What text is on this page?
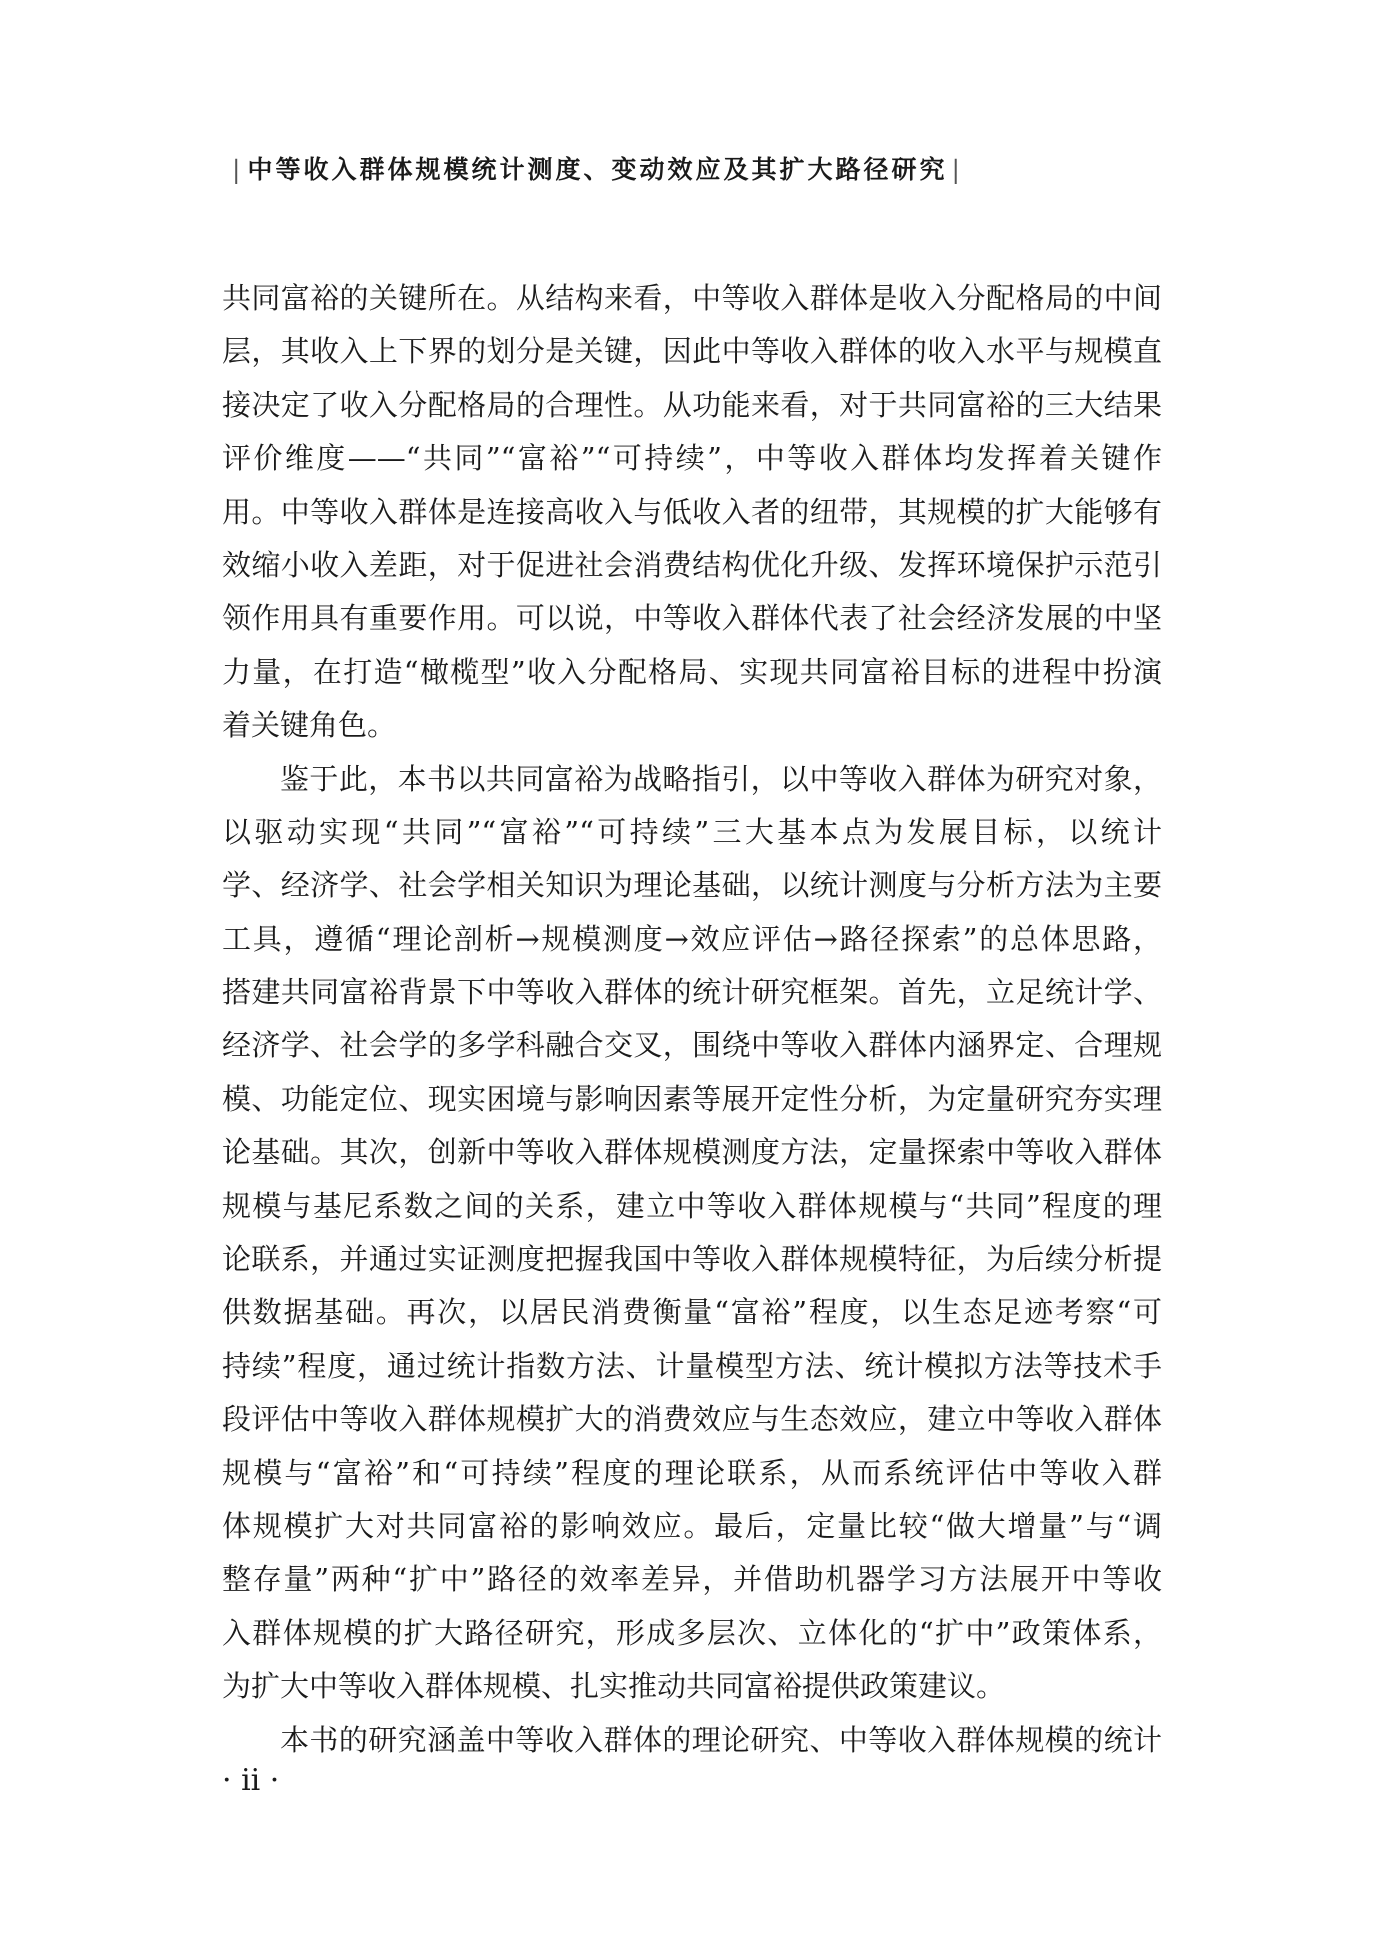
| 中等收入群体规模统计测度、变动效应及其扩大路径研究 |
共同富裕的关键所在。从结构来看，中等收入群体是收入分配格局的中间
层，其收入上下界的划分是关键，因此中等收入群体的收入水平与规模直
接决定了收入分配格局的合理性。从功能来看，对于共同富裕的三大结果
评价维度——“共同”“富裕”“可持续”，中等收入群体均发挥着关键作
用。中等收入群体是连接高收入与低收入者的纽带，其规模的扩大能够有
效缩小收入差距，对于促进社会消费结构优化升级、发挥环境保护示范引
领作用具有重要作用。可以说，中等收入群体代表了社会经济发展的中坚
力量，在打造“橄榄型”收入分配格局、实现共同富裕目标的进程中扮演
着关键角色。
鉴于此，本书以共同富裕为战略指引，以中等收入群体为研究对象，
以驱动实现“共同”“富裕”“可持续”三大基本点为发展目标，以统计
学、经济学、社会学相关知识为理论基础，以统计测度与分析方法为主要
工具，遵循“理论剖析→规模测度→效应评估→路径探索”的总体思路，
搭建共同富裕背景下中等收入群体的统计研究框架。首先，立足统计学、
经济学、社会学的多学科融合交叉，围绕中等收入群体内涵界定、合理规
模、功能定位、现实困境与影响因素等展开定性分析，为定量研究夯实理
论基础。其次，创新中等收入群体规模测度方法，定量探索中等收入群体
规模与基尼系数之间的关系，建立中等收入群体规模与“共同”程度的理
论联系，并通过实证测度把握我国中等收入群体规模特征，为后续分析提
供数据基础。再次，以居民消费衡量“富裕”程度，以生态足迹考察“可
持续”程度，通过统计指数方法、计量模型方法、统计模拟方法等技术手
段评估中等收入群体规模扩大的消费效应与生态效应，建立中等收入群体
规模与“富裕”和“可持续”程度的理论联系，从而系统评估中等收入群
体规模扩大对共同富裕的影响效应。最后，定量比较“做大增量”与“调
整存量”两种“扩中”路径的效率差异，并借助机器学习方法展开中等收
入群体规模的扩大路径研究，形成多层次、立体化的“扩中”政策体系，
为扩大中等收入群体规模、扎实推动共同富裕提供政策建议。
本书的研究涵盖中等收入群体的理论研究、中等收入群体规模的统计
· ii ·
